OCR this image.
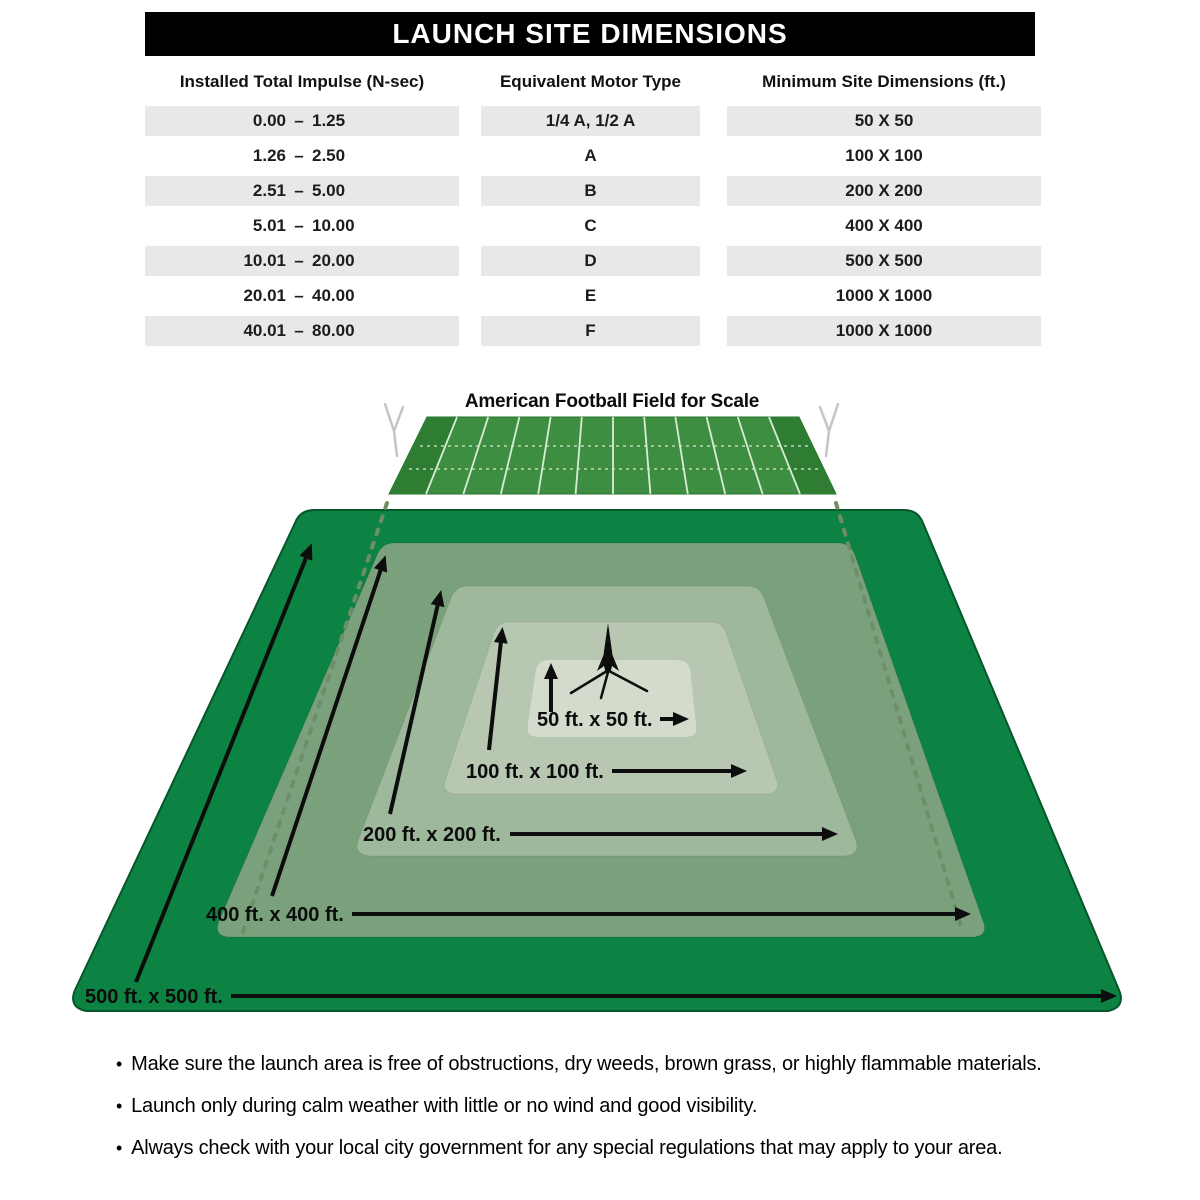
LAUNCH SITE DIMENSIONS
Installed Total Impulse (N-sec)	Equivalent Motor Type	Minimum Site Dimensions (ft.)
0.00 – 1.25	1/4 A, 1/2 A	50 X 50
1.26 – 2.50	A	100 X 100
2.51 – 5.00	B	200 X 200
5.01 – 10.00	C	400 X 400
10.01 – 20.00	D	500 X 500
20.01 – 40.00	E	1000 X 1000
40.01 – 80.00	F	1000 X 1000
American Football Field for Scale
50 ft. x 50 ft.
100 ft. x 100 ft.
200 ft. x 200 ft.
400 ft. x 400 ft.
500 ft. x 500 ft.
• Make sure the launch area is free of obstructions, dry weeds, brown grass, or highly flammable materials.
• Launch only during calm weather with little or no wind and good visibility.
• Always check with your local city government for any special regulations that may apply to your area.
